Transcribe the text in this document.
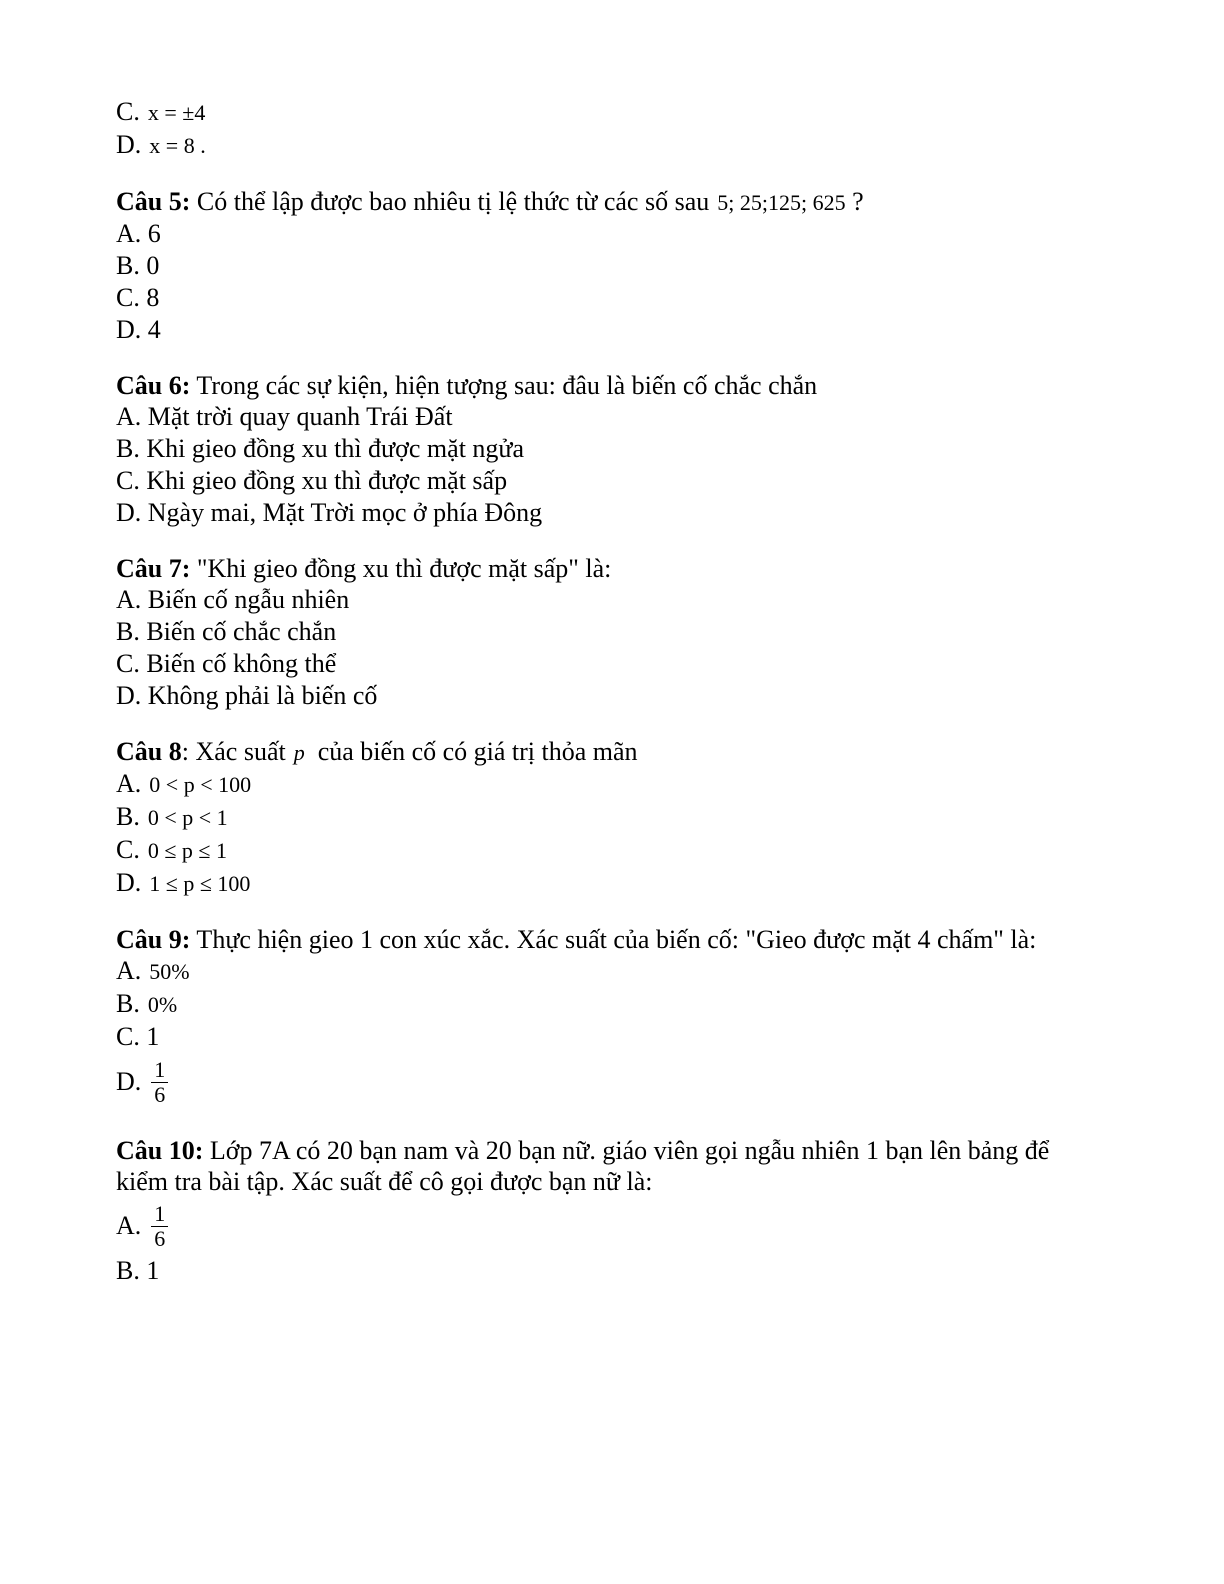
C. x = ±4
D. x = 8 .
Câu 5: Có thể lập được bao nhiêu tị lệ thức từ các số sau 5; 25;125; 625 ?
A. 6
B. 0
C. 8
D. 4
Câu 6: Trong các sự kiện, hiện tượng sau: đâu là biến cố chắc chắn
A. Mặt trời quay quanh Trái Đất
B. Khi gieo đồng xu thì được mặt ngửa
C. Khi gieo đồng xu thì được mặt sấp
D. Ngày mai, Mặt Trời mọc ở phía Đông
Câu 7: "Khi gieo đồng xu thì được mặt sấp" là:
A. Biến cố ngẫu nhiên
B. Biến cố chắc chắn
C. Biến cố không thể
D. Không phải là biến cố
Câu 8: Xác suất p của biến cố có giá trị thỏa mãn
A. 0 < p < 100
B. 0 < p < 1
C. 0 ≤ p ≤ 1
D. 1 ≤ p ≤ 100
Câu 9: Thực hiện gieo 1 con xúc xắc. Xác suất của biến cố: "Gieo được mặt 4 chấm" là:
A. 50%
B. 0%
C. 1
D. $\frac{1}{6}$
Câu 10: Lớp 7A có 20 bạn nam và 20 bạn nữ. giáo viên gọi ngẫu nhiên 1 bạn lên bảng để kiểm tra bài tập. Xác suất để cô gọi được bạn nữ là:
A. $\frac{1}{6}$
B. 1
